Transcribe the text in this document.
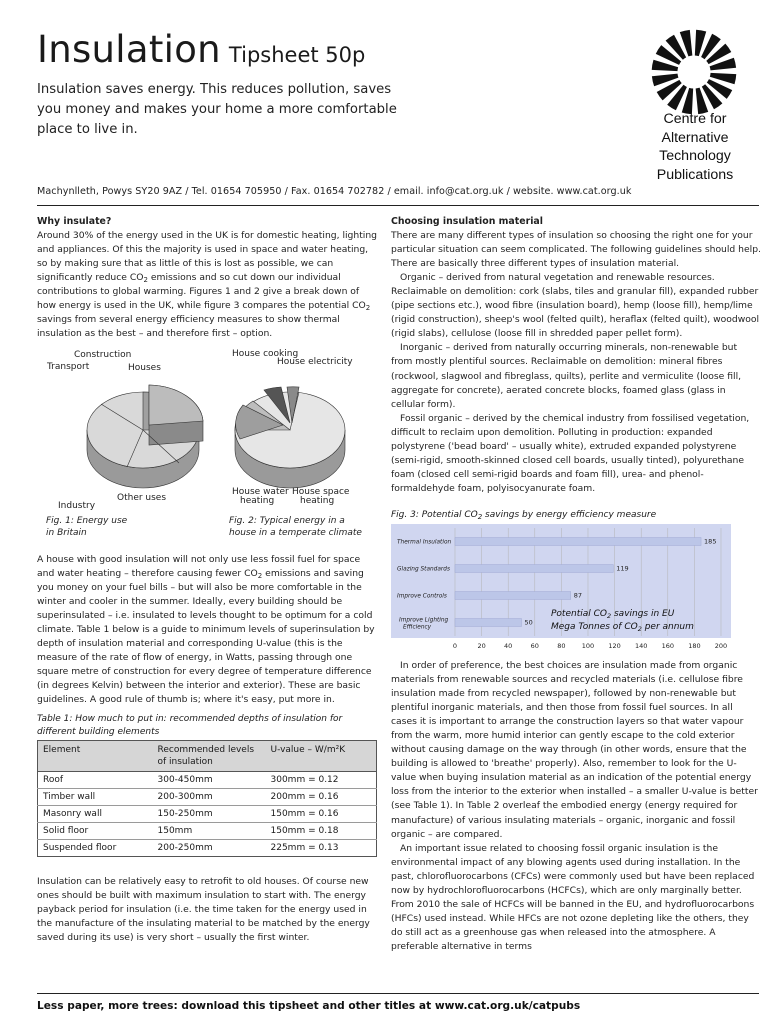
Insulation Tipsheet 50p

Insulation saves energy. This reduces pollution, saves you money and makes your home a more comfortable place to live in.

Centre for
Alternative
Technology
Publications
Machynlleth, Powys SY20 9AZ / Tel. 01654 705950 / Fax. 01654 702782 / email. info@cat.org.uk / website. www.cat.org.uk
Why insulate?

Around 30% of the energy used in the UK is for domestic heating, lighting and appliances. Of this the majority is used in space and water heating, so by making sure that as little of this is lost as possible, we can significantly reduce $CO_2$ emissions and so cut down our individual contributions to global warming. Figures 1 and 2 give a break down of how energy is used in the UK, while figure 3 compares the potential $CO_2$ savings from several energy efficiency measures to show thermal insulation as the best – and therefore first – option.

Construction
Transport	Houses
Industry
Other uses
House cooking
House electricity
House water
heating
House space
heating
Fig. 1: Energy use
in Britain
Fig. 2: Typical energy in a
house in a temperate climate

A house with good insulation will not only use less fossil fuel for space and water heating – therefore causing fewer $CO_2$ emissions and saving you money on your fuel bills – but will also be more comfortable in the winter and cooler in the summer. Ideally, every building should be superinsulated – i.e. insulated to levels thought to be optimum for a cold climate. Table 1 below is a guide to minimum levels of superinsulation by depth of insulation material and corresponding U-value (this is the measure of the rate of flow of energy, in Watts, passing through one square metre of construction for every degree of temperature difference (in degrees Kelvin) between the interior and exterior). These are basic guidelines. A good rule of thumb is; where it's easy, put more in.

Table 1: How much to put in: recommended depths of insulation for different building elements
Element	Recommended levels of insulation	U-value – W/m²K
Roof	300-450mm	300mm = 0.12
Timber wall	200-300mm	200mm = 0.16
Masonry wall	150-250mm	150mm = 0.16
Solid floor	150mm	150mm = 0.18
Suspended floor	200-250mm	225mm = 0.13

Insulation can be relatively easy to retrofit to old houses. Of course new ones should be built with maximum insulation to start with. The energy payback period for insulation (i.e. the time taken for the energy used in the manufacture of the insulating material to be matched by the energy saved during its use) is very short – usually the first winter.

Choosing insulation material

There are many different types of insulation so choosing the right one for your particular situation can seem complicated. The following guidelines should help. There are basically three different types of insulation material.

Organic – derived from natural vegetation and renewable resources. Reclaimable on demolition: cork (slabs, tiles and granular fill), expanded rubber (pipe sections etc.), wood fibre (insulation board), hemp (loose fill), hemp/lime (rigid construction), sheep's wool (felted quilt), heraflax (felted quilt), woodwool (rigid slabs), cellulose (loose fill in shredded paper pellet form).

Inorganic – derived from naturally occurring minerals, non-renewable but from mostly plentiful sources. Reclaimable on demolition: mineral fibres (rockwool, slagwool and fibreglass, quilts), perlite and vermiculite (loose fill, aggregate for concrete), aerated concrete blocks, foamed glass (glass in cellular form).

Fossil organic – derived by the chemical industry from fossilised vegetation, difficult to reclaim upon demolition. Polluting in production: expanded polystyrene ('bead board' – usually white), extruded expanded polystyrene (semi-rigid, smooth-skinned closed cell boards, usually tinted), polyurethane foam (closed cell semi-rigid boards and foam fill), urea- and phenol- formaldehyde foam, polyisocyanurate foam.

Fig. 3: Potential $CO_2$ savings by energy efficiency measure
0	20	40	60	80 100 120 140 160 180 200
Thermal Insulation	185
Glazing Standards	119
Improve Controls	87
Improve Lighting
Efficiency
50
Potential $CO_2$ savings in EU
Mega Tonnes of $CO_2$ per annum

In order of preference, the best choices are insulation made from organic materials from renewable sources and recycled materials (i.e. cellulose fibre insulation made from recycled newspaper), followed by non-renewable but plentiful inorganic materials, and then those from fossil fuel sources. In all cases it is important to arrange the construction layers so that water vapour from the warm, more humid interior can gently escape to the cold exterior without causing damage on the way through (in other words, ensure that the building is allowed to 'breathe' properly). Also, remember to look for the U-value when buying insulation material as an indication of the potential energy loss from the interior to the exterior when installed – a smaller U-value is better (see Table 1). In Table 2 overleaf the embodied energy (energy required for manufacture) of various insulating materials – organic, inorganic and fossil organic – are compared.

An important issue related to choosing fossil organic insulation is the environmental impact of any blowing agents used during installation. In the past, chlorofluorocarbons (CFCs) were commonly used but have been replaced now by hydrochlorofluorocarbons (HCFCs), which are only marginally better. From 2010 the sale of HCFCs will be banned in the EU, and hydrofluorocarbons (HFCs) used instead. While HFCs are not ozone depleting like the others, they do still act as a greenhouse gas when released into the atmosphere. A preferable alternative in terms

Less paper, more trees: download this tipsheet and other titles at www.cat.org.uk/catpubs
